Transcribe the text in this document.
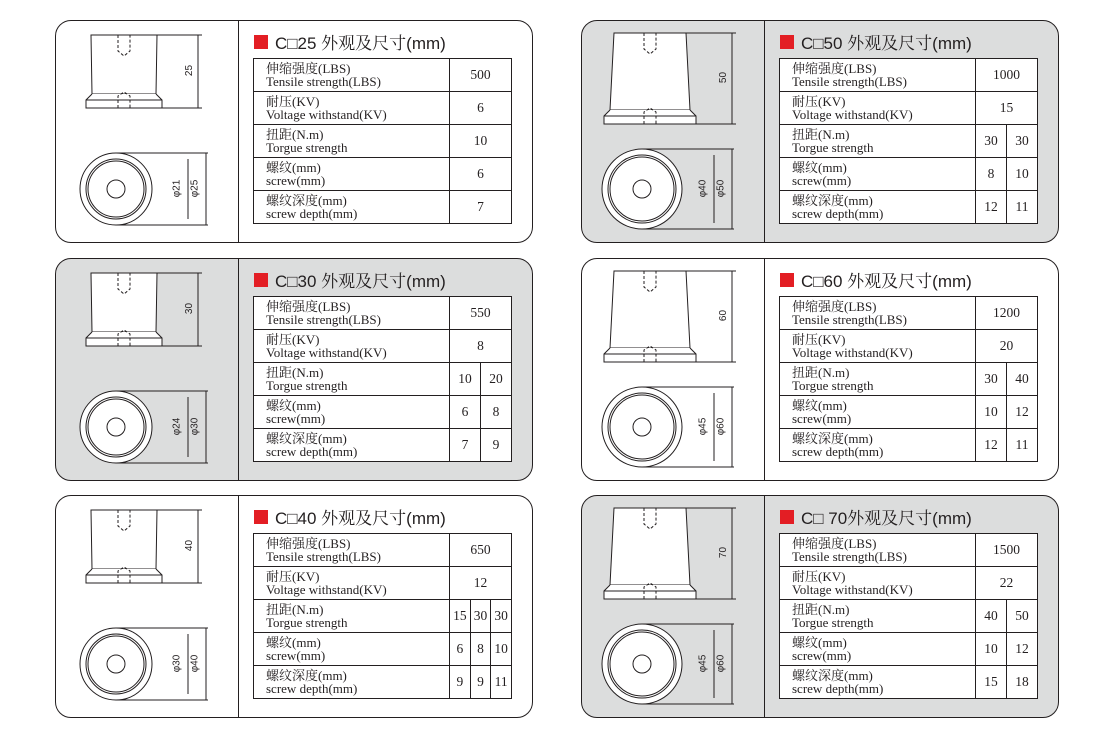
25
φ21 φ25
C□25 外观及尺寸(mm)
伸缩强度(LBS)
Tensile strength(LBS)	500

耐压(KV)
Voltage withstand(KV)	6

扭距(N.m)
Torgue strength	10

螺纹(mm)
screw(mm)	6

螺纹深度(mm)
screw depth(mm)	7
50
φ40 φ50
C□50 外观及尺寸(mm)
伸缩强度(LBS)
Tensile strength(LBS)	1000	

耐压(KV)
Voltage withstand(KV)	15	

扭距(N.m)
Torgue strength	30	30

螺纹(mm)
screw(mm)	8	10

螺纹深度(mm)
screw depth(mm)	12	11
30
φ24 φ30
C□30 外观及尺寸(mm)
伸缩强度(LBS)
Tensile strength(LBS)	550	

耐压(KV)
Voltage withstand(KV)	8	

扭距(N.m)
Torgue strength	10	20

螺纹(mm)
screw(mm)	6	8

螺纹深度(mm)
screw depth(mm)	7	9
60
φ45 φ60
C□60 外观及尺寸(mm)
伸缩强度(LBS)
Tensile strength(LBS)	1200	

耐压(KV)
Voltage withstand(KV)	20	

扭距(N.m)
Torgue strength	30	40

螺纹(mm)
screw(mm)	10	12

螺纹深度(mm)
screw depth(mm)	12	11
40
φ30 φ40
C□40 外观及尺寸(mm)
伸缩强度(LBS)
Tensile strength(LBS)	650		

耐压(KV)
Voltage withstand(KV)	12		

扭距(N.m)
Torgue strength	15	30	30

螺纹(mm)
screw(mm)	6	8	10

螺纹深度(mm)
screw depth(mm)	9	9	11
70
φ45 φ60
C□ 70外观及尺寸(mm)
伸缩强度(LBS)
Tensile strength(LBS)	1500	

耐压(KV)
Voltage withstand(KV)	22	

扭距(N.m)
Torgue strength	40	50

螺纹(mm)
screw(mm)	10	12

螺纹深度(mm)
screw depth(mm)	15	18
